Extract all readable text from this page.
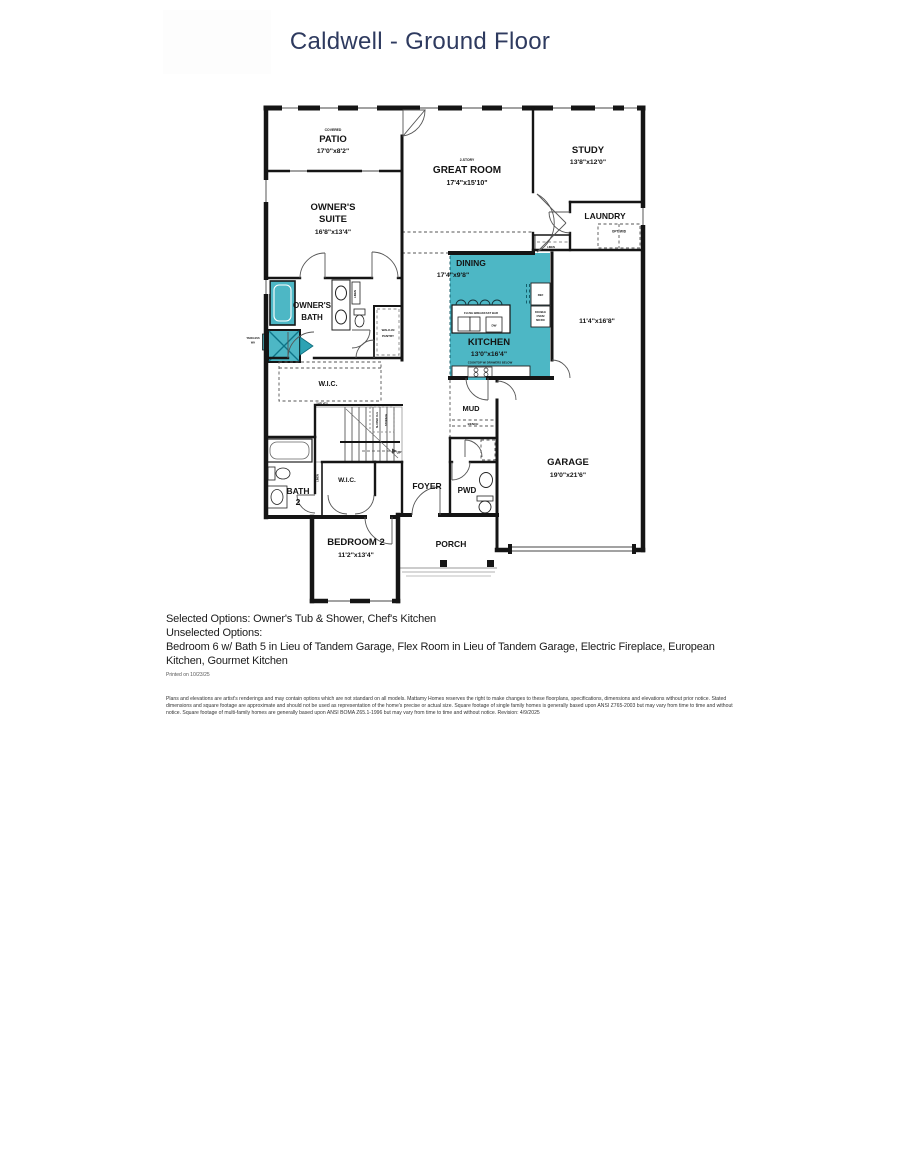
Caldwell - Ground Floor
COVERED
PATIO
17'0"x8'2"
OWNER'S
SUITE
16'8"x13'4"
2-STORY
GREAT ROOM
17'4"x15'10"
STUDY
13'8"x12'0"
LAUNDRY
DINING
17'4"x9'8"
KITCHEN
13'0"x16'4"
COOKTOP W/ DRAWERS BELOW
OWNER'S
BATH
W.I.C.
11'4"x16'8"
MUD
GARAGE
19'0"x21'6"
BATH
2
W.I.C.
FOYER PWD
BEDROOM 2
11'2"x13'4"
PORCH
UP
BENCH
OPT. W/D
LINEN
LINEN
LINEN
WALK-IN
PANTRY
REF
DOUBLE
OVEN/
MICRO
FLUSH BREAKFAST BAR
DW
SHELVES
TANKLESS
WH
SLOPED CLG STORAGE
Selected Options: Owner's Tub & Shower, Chef's Kitchen
Unselected Options:
Bedroom 6 w/ Bath 5 in Lieu of Tandem Garage, Flex Room in Lieu of Tandem Garage, Electric Fireplace, European Kitchen, Gourmet Kitchen
Printed on 10/23/25
Plans and elevations are artist's renderings and may contain options which are not standard on all models. Mattamy Homes reserves the right to make changes to these floorplans, specifications, dimensions and elevations without prior notice. Stated dimensions and square footage are approximate and should not be used as representation of the home's precise or actual size. Square footage of single family homes is generally based upon ANSI Z765-2003 but may vary from time to time and without notice. Square footage of multi-family homes are generally based upon ANSI BOMA Z65.1-1996 but may vary from time to time and without notice. Revision: 4/9/2025
